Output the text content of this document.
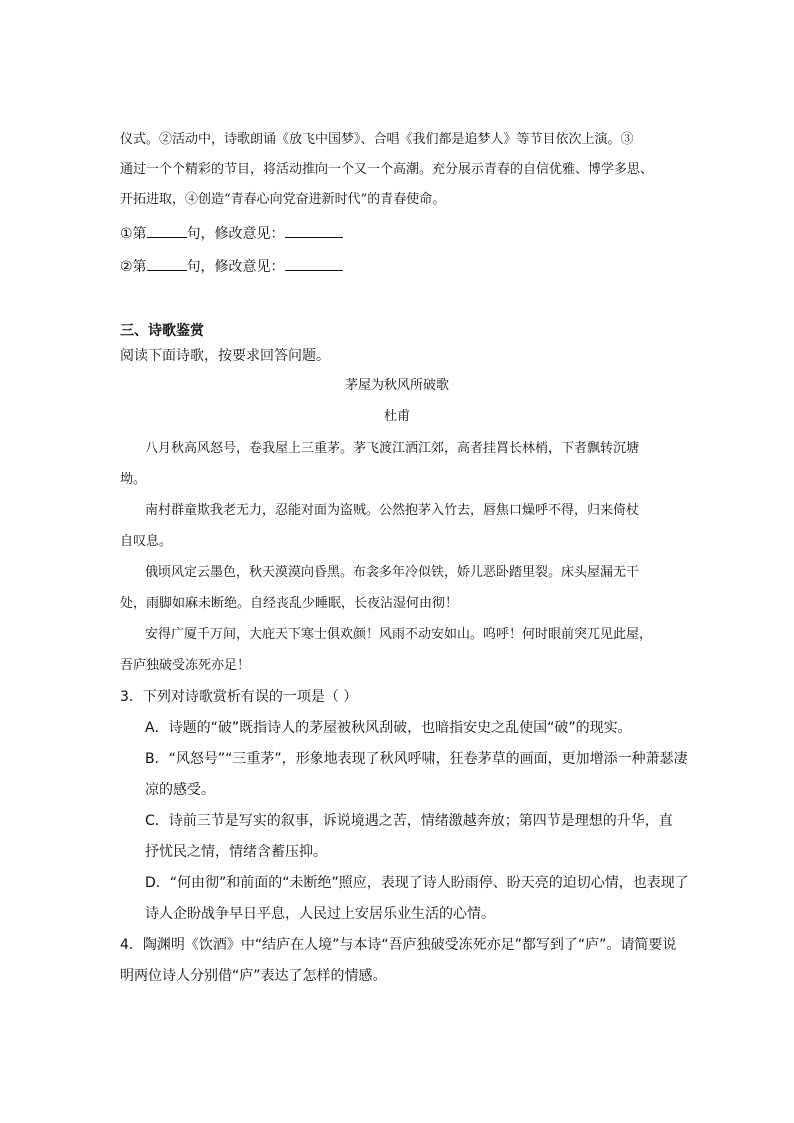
仪式。②活动中，诗歌朗诵《放飞中国梦》、合唱《我们都是追梦人》等节目依次上演。③
通过一个个精彩的节目，将活动推向一个又一个高潮。充分展示青春的自信优雅、博学多思、
开拓进取，④创造“青春心向党奋进新时代”的青春使命。
①第	句，修改意见：
②第	句，修改意见：
三、诗歌鉴赏
阅读下面诗歌，按要求回答问题。
茅屋为秋风所破歌
杜甫
八月秋高风怒号，卷我屋上三重茅。茅飞渡江洒江郊，高者挂罥长林梢，下者飘转沉塘
坳。
南村群童欺我老无力，忍能对面为盗贼。公然抱茅入竹去，唇焦口燥呼不得，归来倚杖
自叹息。
俄顷风定云墨色，秋天漠漠向昏黑。布衾多年冷似铁，娇儿恶卧踏里裂。床头屋漏无干
处，雨脚如麻未断绝。自经丧乱少睡眠，长夜沾湿何由彻！
安得广厦千万间，大庇天下寒士俱欢颜！风雨不动安如山。呜呼！何时眼前突兀见此屋，
吾庐独破受冻死亦足！
3．下列对诗歌赏析有误的一项是（ ）
A．诗题的“破”既指诗人的茅屋被秋风刮破，也暗指安史之乱使国“破”的现实。
B．“风怒号”“三重茅”，形象地表现了秋风呼啸，狂卷茅草的画面，更加增添一种萧瑟凄
凉的感受。
C．诗前三节是写实的叙事，诉说境遇之苦，情绪激越奔放；第四节是理想的升华，直
抒忧民之情，情绪含蓄压抑。
D．“何由彻”和前面的“未断绝”照应，表现了诗人盼雨停、盼天亮的迫切心情，也表现了
诗人企盼战争早日平息，人民过上安居乐业生活的心情。
4．陶渊明《饮酒》中“结庐在人境”与本诗“吾庐独破受冻死亦足”都写到了“庐”。请简要说
明两位诗人分别借“庐”表达了怎样的情感。
